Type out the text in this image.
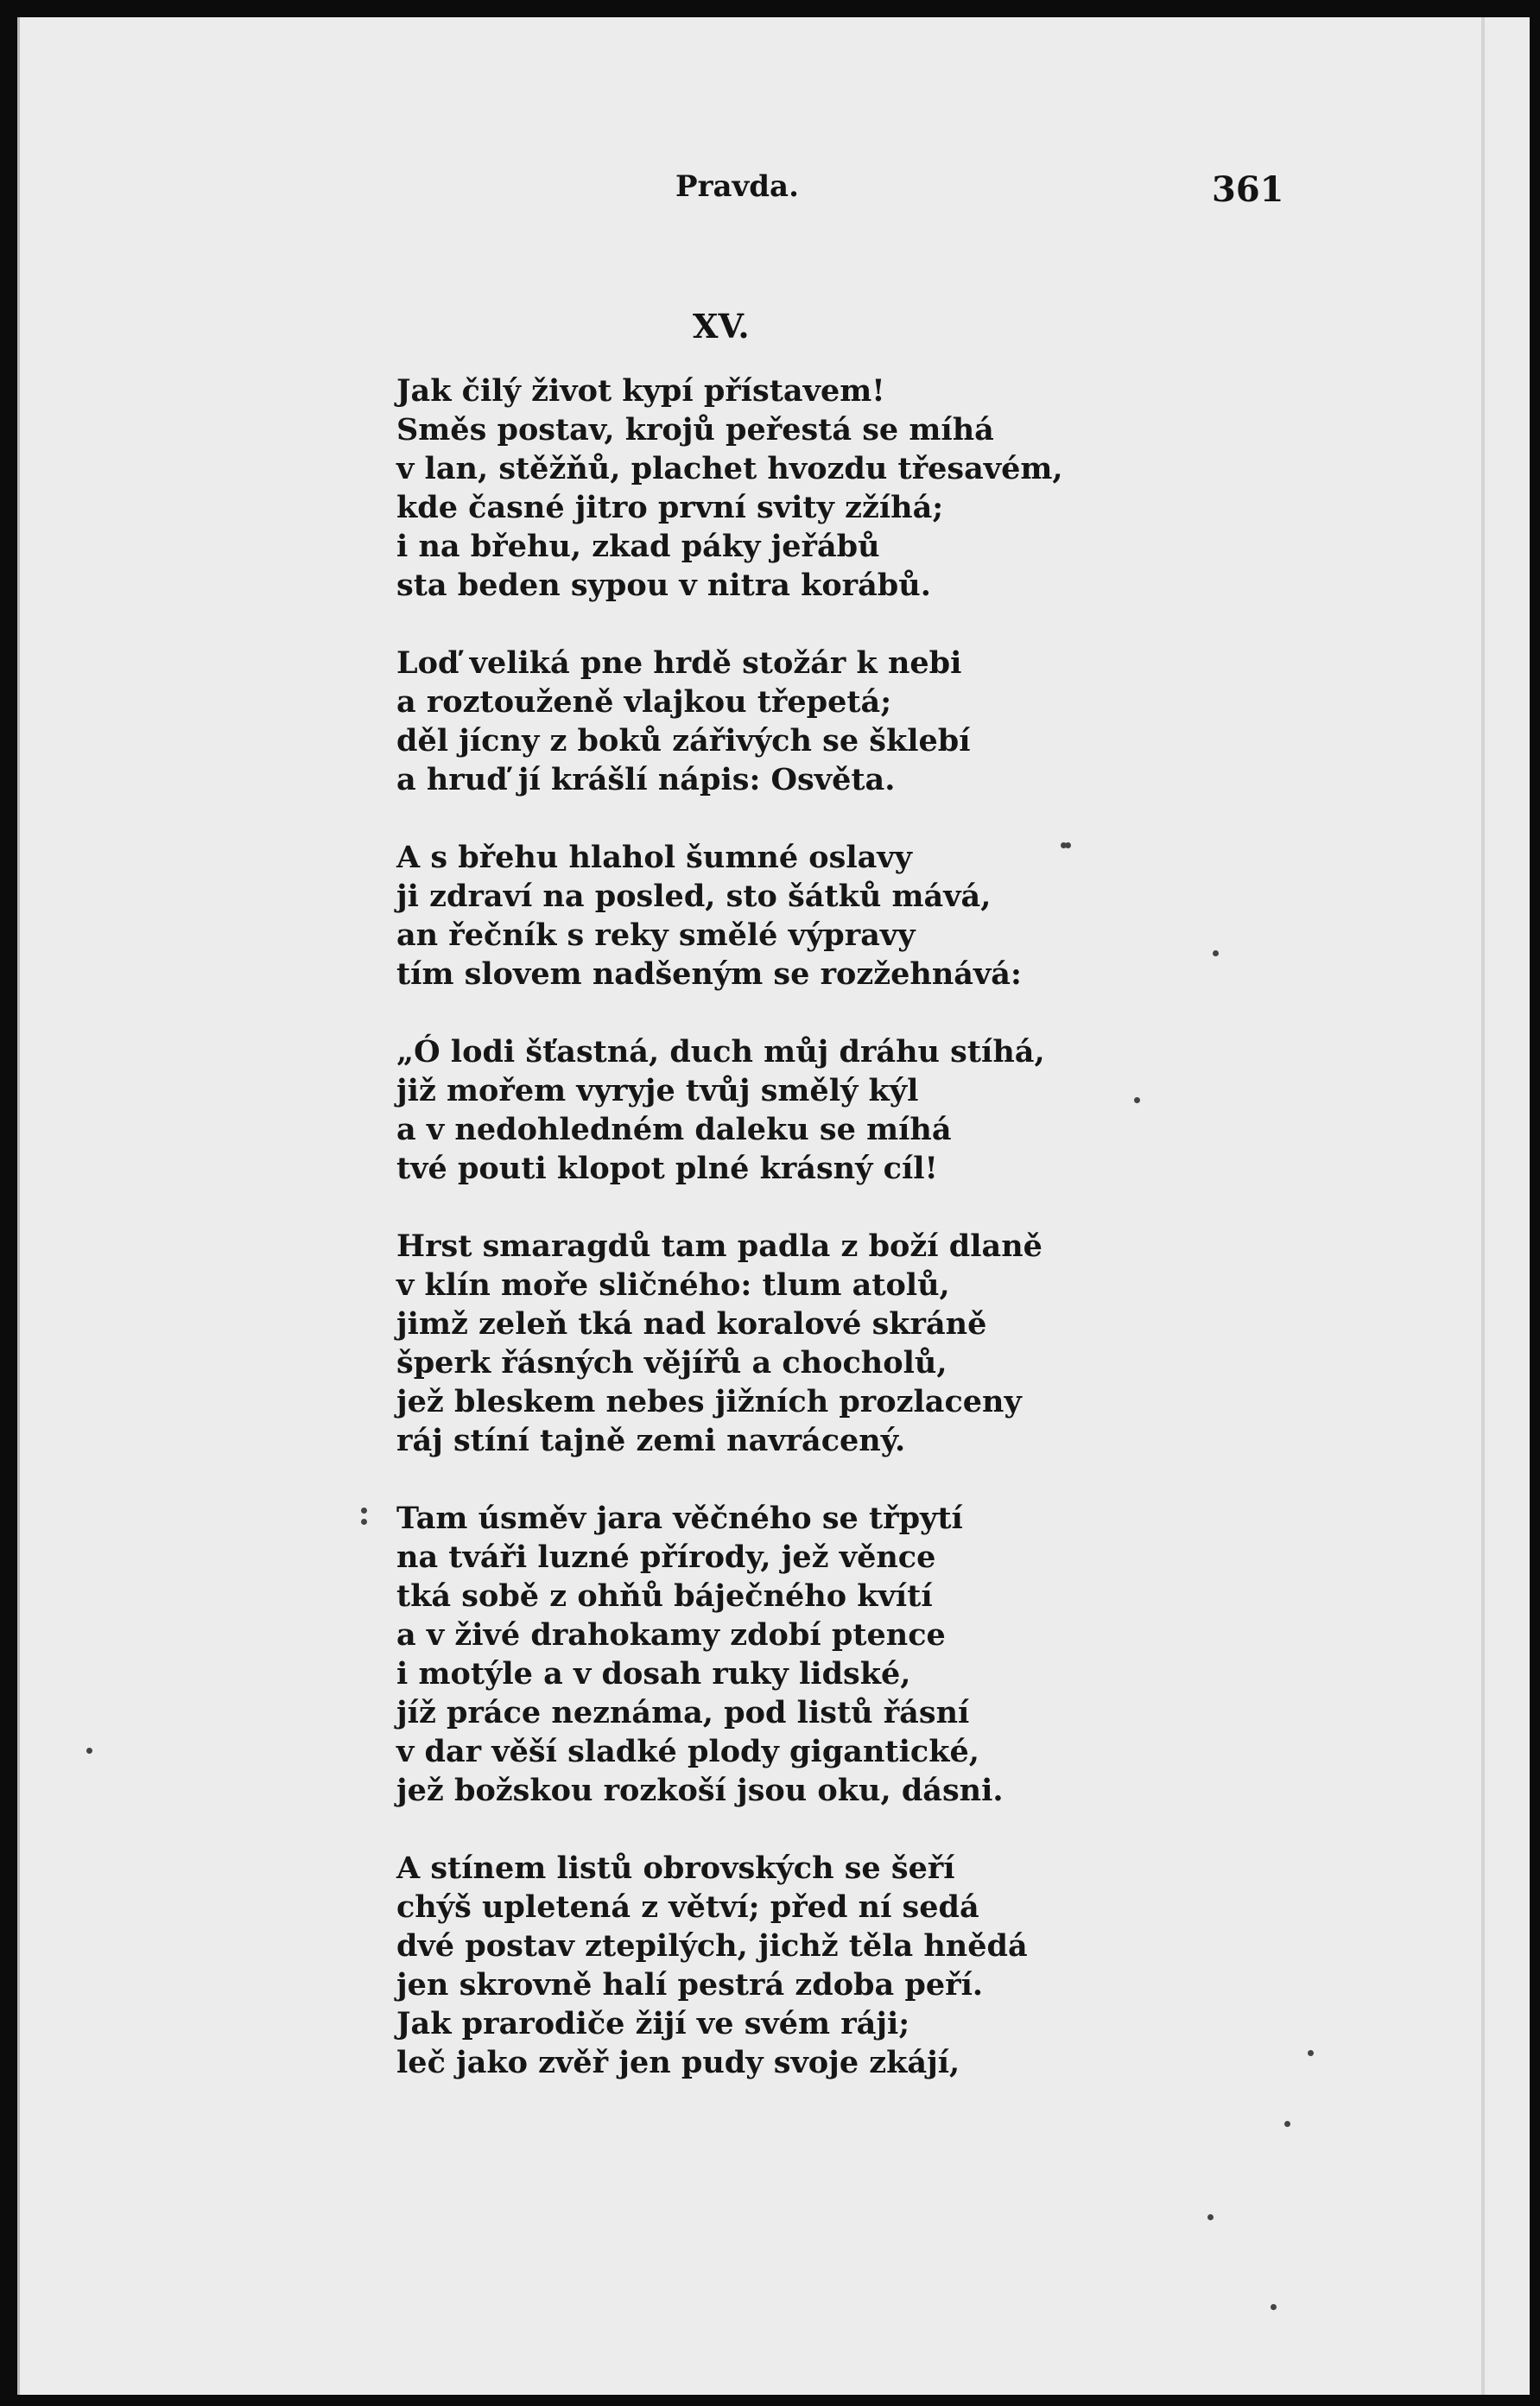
Pravda.	361
XV.
Jak čilý život kypí přístavem!
Směs postav, krojů peřestá se míhá
v lan, stěžňů, plachet hvozdu třesavém,
kde časné jitro první svity zžíhá;
i na břehu, zkad páky jeřábů
sta beden sypou v nitra korábů.
Loď veliká pne hrdě stožár k nebi
a roztouženě vlajkou třepetá;
děl jícny z boků zářivých se šklebí
a hruď jí krášlí nápis: Osvěta.
A s břehu hlahol šumné oslavy
ji zdraví na posled, sto šátků mává,
an řečník s reky smělé výpravy
tím slovem nadšeným se rozžehnává:
„Ó lodi šťastná, duch můj dráhu stíhá,
již mořem vyryje tvůj smělý kýl
a v nedohledném daleku se míhá
tvé pouti klopot plné krásný cíl!
Hrst smaragdů tam padla z boží dlaně
v klín moře sličného: tlum atolů,
jimž zeleň tká nad koralové skráně
šperk řásných vějířů a chocholů,
jež bleskem nebes jižních prozlaceny
ráj stíní tajně zemi navrácený.
Tam úsměv jara věčného se třpytí
na tváři luzné přírody, jež věnce
tká sobě z ohňů báječného kvítí
a v živé drahokamy zdobí ptence
i motýle a v dosah ruky lidské,
jíž práce neznáma, pod listů řásní
v dar věší sladké plody gigantické,
jež božskou rozkoší jsou oku, dásni.
A stínem listů obrovských se šeří
chýš upletená z větví; před ní sedá
dvé postav ztepilých, jichž těla hnědá
jen skrovně halí pestrá zdoba peří.
Jak prarodiče žijí ve svém ráji;
leč jako zvěř jen pudy svoje zkájí,
